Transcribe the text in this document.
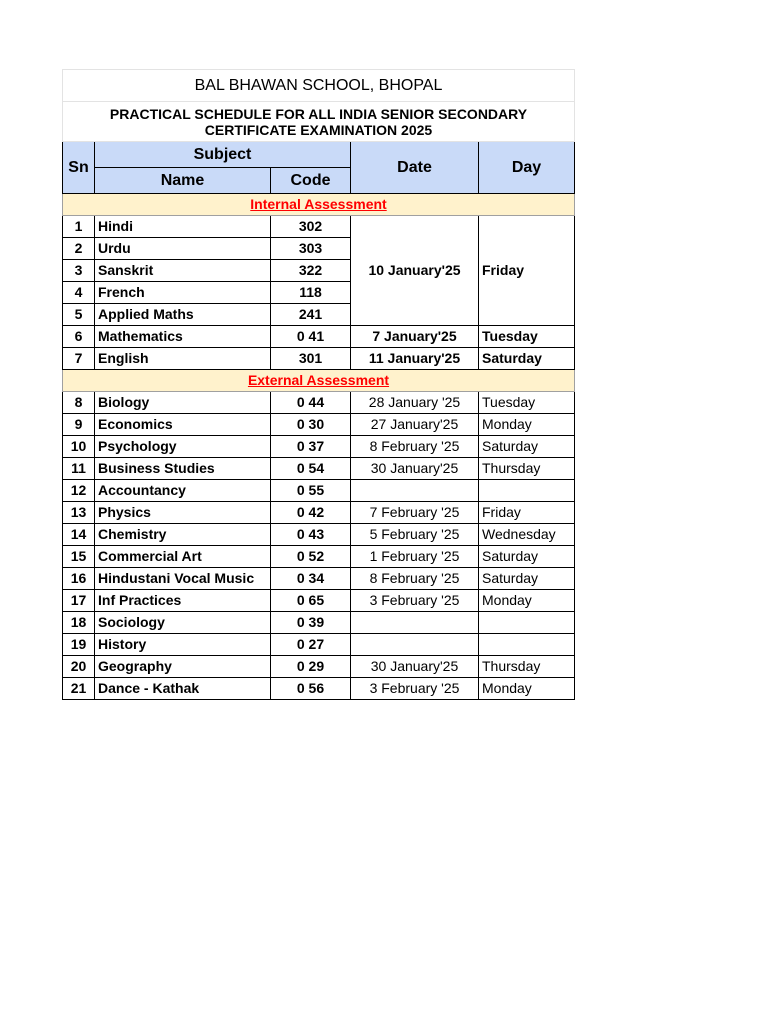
BAL BHAWAN SCHOOL, BHOPAL				

PRACTICAL SCHEDULE FOR ALL INDIA SENIOR SECONDARY
CERTIFICATE EXAMINATION 2025				

Sn	Subject		Date	Day
	Name	Code		
Internal Assessment				
1	Hindi	302	10 January'25	Friday
2	Urdu	303		
3	Sanskrit	322		
4	French	118		
5	Applied Maths	241		
6	Mathematics	0 41	7 January'25	Tuesday
7	English	301	11 January'25	Saturday
External Assessment				
8	Biology	0 44	28 January '25	Tuesday
9	Economics	0 30	27 January'25	Monday
10	Psychology	0 37	8 February '25	Saturday
11	Business Studies	0 54	30 January'25	Thursday
12	Accountancy	0 55		
13	Physics	0 42	7 February '25	Friday
14	Chemistry	0 43	5 February '25	Wednesday
15	Commercial Art	0 52	1 February '25	Saturday
16	Hindustani Vocal Music	0 34	8 February '25	Saturday
17	Inf Practices	0 65	3 February '25	Monday
18	Sociology	0 39		
19	History	0 27		
20	Geography	0 29	30 January'25	Thursday
21	Dance - Kathak	0 56	3 February '25	Monday
